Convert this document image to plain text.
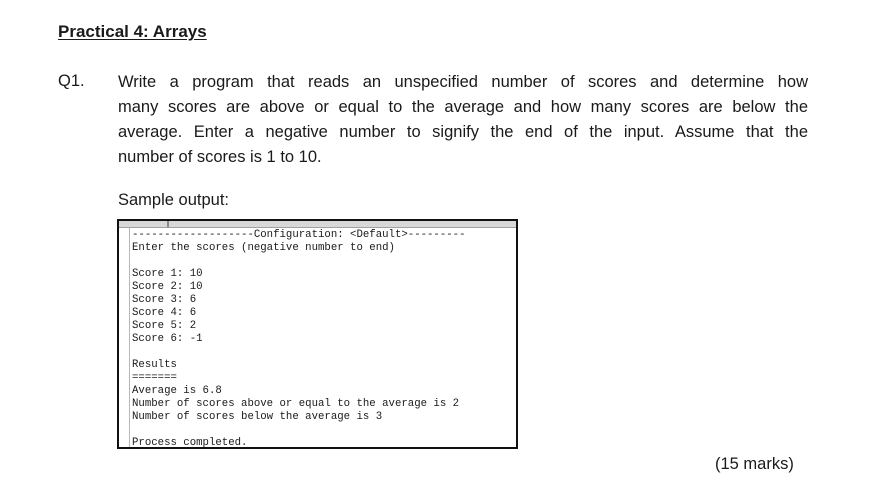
Practical 4: Arrays
Q1. Write a program that reads an unspecified number of scores and determine how
many scores are above or equal to the average and how many scores are below the
average. Enter a negative number to signify the end of the input. Assume that the
number of scores is 1 to 10.
Sample output:
-------------------Configuration: <Default>---------
Enter the scores (negative number to end)
Score 1: 10
Score 2: 10
Score 3: 6
Score 4: 6
Score 5: 2
Score 6: -1
Results
=======
Average is 6.8
Number of scores above or equal to the average is 2
Number of scores below the average is 3
Process completed.
(15 marks)
